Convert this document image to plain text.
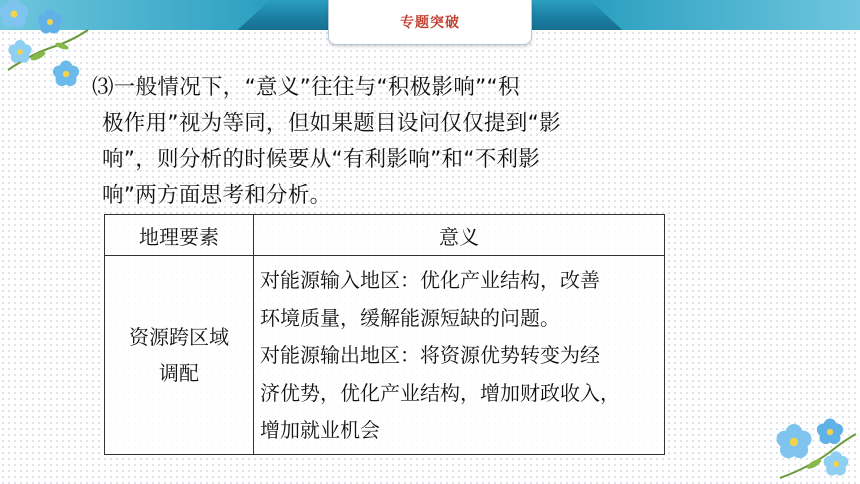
专题突破
⑶一般情况下，“意义”往往与“积极影响”“积
极作用”视为等同，但如果题目设问仅仅提到“影
响”，则分析的时候要从“有利影响”和“不利影
响”两方面思考和分析。
地理要素	意义

资源跨区域
调配	对能源输入地区：优化产业结构，改善
环境质量，缓解能源短缺的问题。
对能源输出地区：将资源优势转变为经
济优势，优化产业结构，增加财政收入，
增加就业机会
